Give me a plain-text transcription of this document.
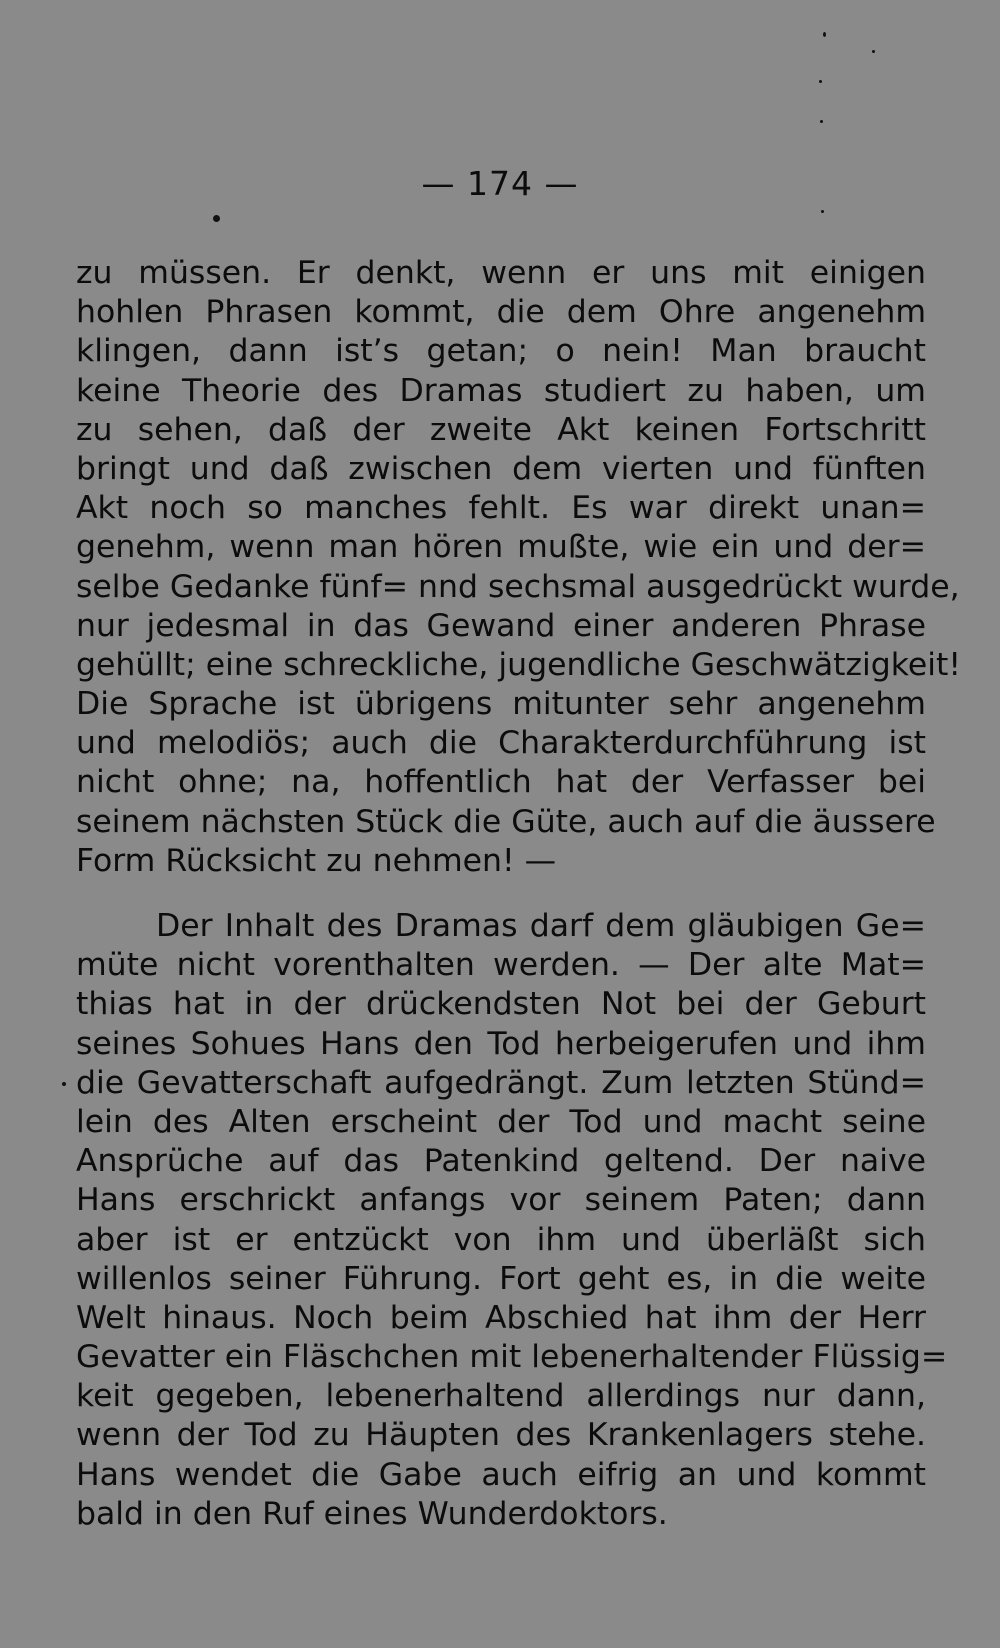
— 174 —
zu müssen. Er denkt, wenn er uns mit einigen
hohlen Phrasen kommt, die dem Ohre angenehm
klingen, dann ist’s getan; o nein! Man braucht
keine Theorie des Dramas studiert zu haben, um
zu sehen, daß der zweite Akt keinen Fortschritt
bringt und daß zwischen dem vierten und fünften
Akt noch so manches fehlt. Es war direkt unan=
genehm, wenn man hören mußte, wie ein und der=
selbe Gedanke fünf= nnd sechsmal ausgedrückt wurde,
nur jedesmal in das Gewand einer anderen Phrase
gehüllt; eine schreckliche, jugendliche Geschwätzigkeit!
Die Sprache ist übrigens mitunter sehr angenehm
und melodiös; auch die Charakterdurchführung ist
nicht ohne; na, hoffentlich hat der Verfasser bei
seinem nächsten Stück die Güte, auch auf die äussere
Form Rücksicht zu nehmen! —
Der Inhalt des Dramas darf dem gläubigen Ge=
müte nicht vorenthalten werden. — Der alte Mat=
thias hat in der drückendsten Not bei der Geburt
seines Sohues Hans den Tod herbeigerufen und ihm
die Gevatterschaft aufgedrängt. Zum letzten Stünd=
lein des Alten erscheint der Tod und macht seine
Ansprüche auf das Patenkind geltend. Der naive
Hans erschrickt anfangs vor seinem Paten; dann
aber ist er entzückt von ihm und überläßt sich
willenlos seiner Führung. Fort geht es, in die weite
Welt hinaus. Noch beim Abschied hat ihm der Herr
Gevatter ein Fläschchen mit lebenerhaltender Flüssig=
keit gegeben, lebenerhaltend allerdings nur dann,
wenn der Tod zu Häupten des Krankenlagers stehe.
Hans wendet die Gabe auch eifrig an und kommt
bald in den Ruf eines Wunderdoktors.
